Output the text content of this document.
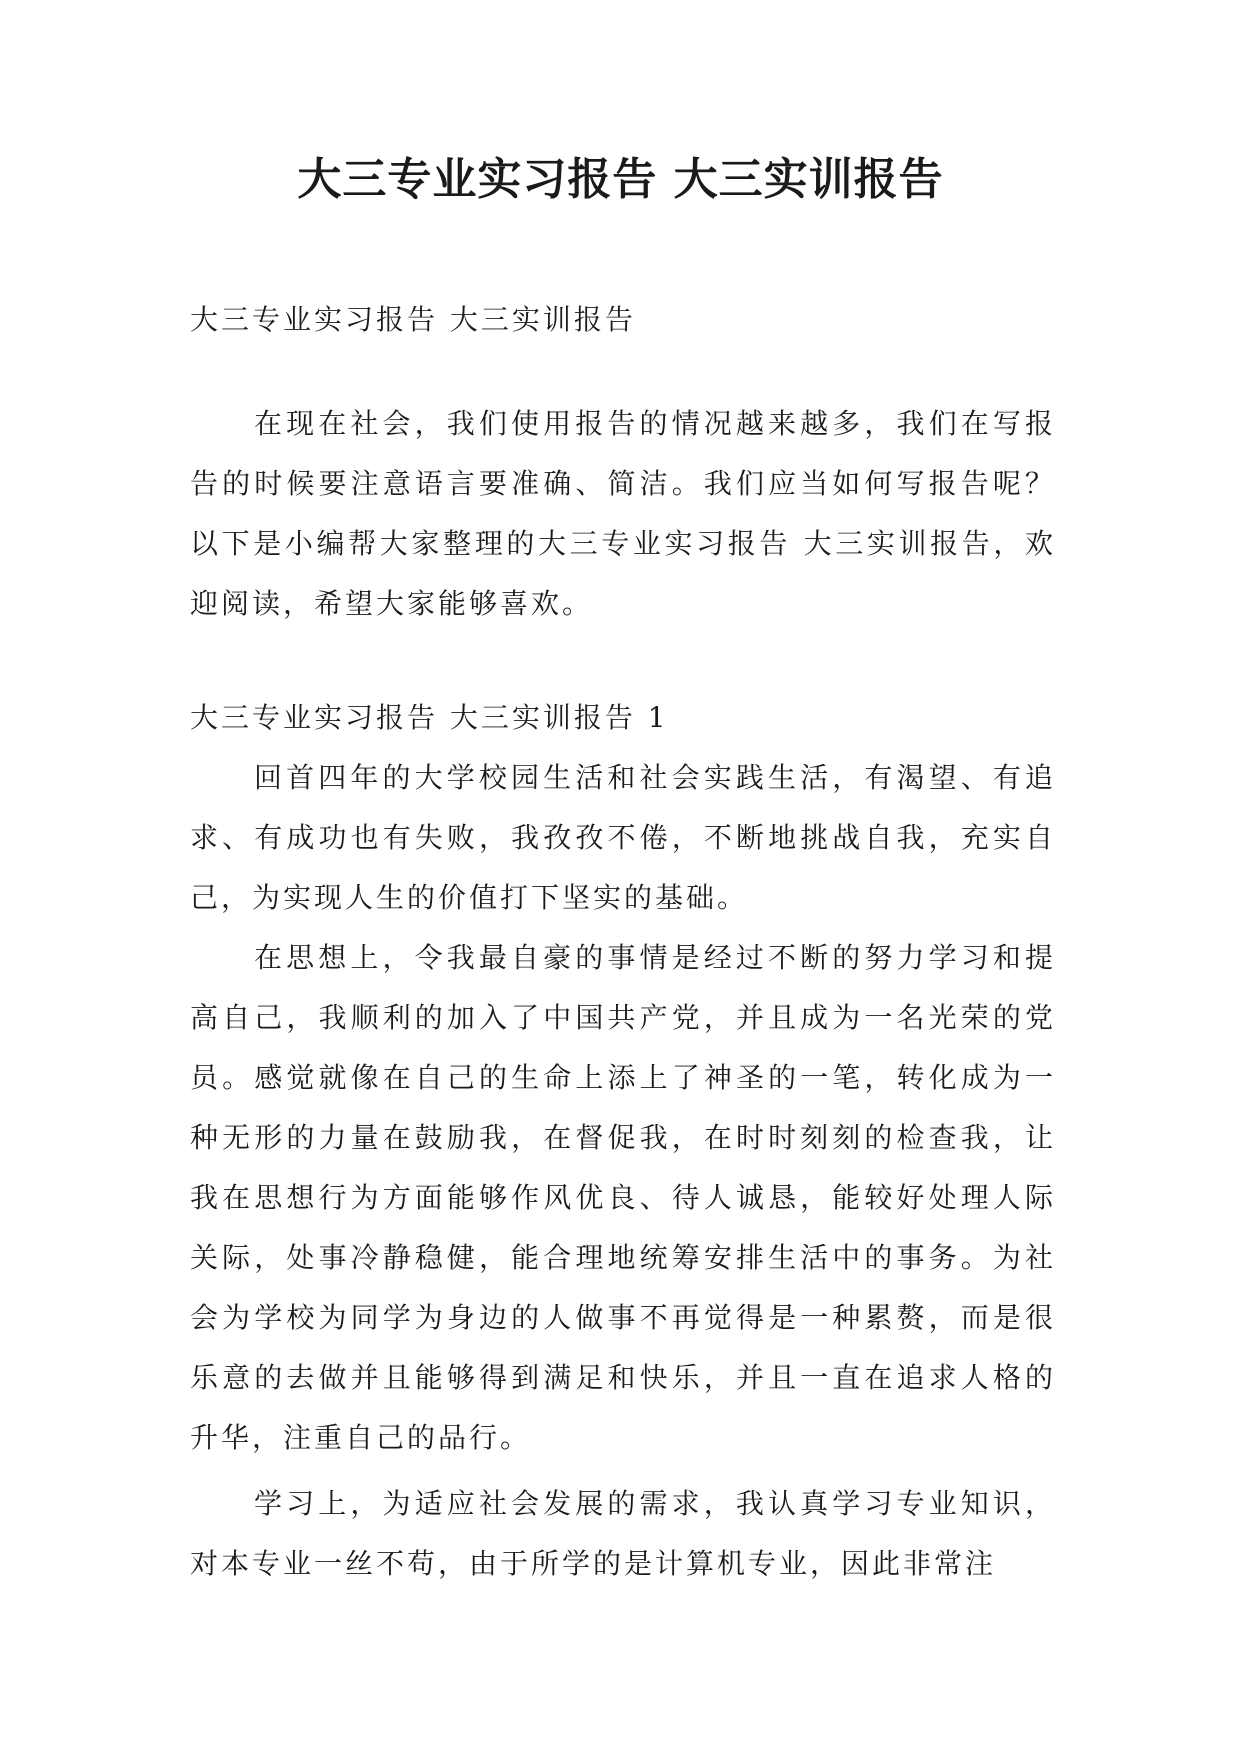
大三专业实习报告 大三实训报告

大三专业实习报告 大三实训报告

在现在社会，我们使用报告的情况越来越多，我们在写报告的时候要注意语言要准确、简洁。我们应当如何写报告呢？以下是小编帮大家整理的大三专业实习报告 大三实训报告，欢迎阅读，希望大家能够喜欢。

大三专业实习报告 大三实训报告 1

回首四年的大学校园生活和社会实践生活，有渴望、有追求、有成功也有失败，我孜孜不倦，不断地挑战自我，充实自己，为实现人生的价值打下坚实的基础。

在思想上，令我最自豪的事情是经过不断的努力学习和提高自己，我顺利的加入了中国共产党，并且成为一名光荣的党员。感觉就像在自己的生命上添上了神圣的一笔，转化成为一种无形的力量在鼓励我，在督促我，在时时刻刻的检查我，让我在思想行为方面能够作风优良、待人诚恳，能较好处理人际关际，处事冷静稳健，能合理地统筹安排生活中的事务。为社会为学校为同学为身边的人做事不再觉得是一种累赘，而是很乐意的去做并且能够得到满足和快乐，并且一直在追求人格的升华，注重自己的品行。

学习上，为适应社会发展的需求，我认真学习专业知识，对本专业一丝不苟，由于所学的是计算机专业，因此非常注
